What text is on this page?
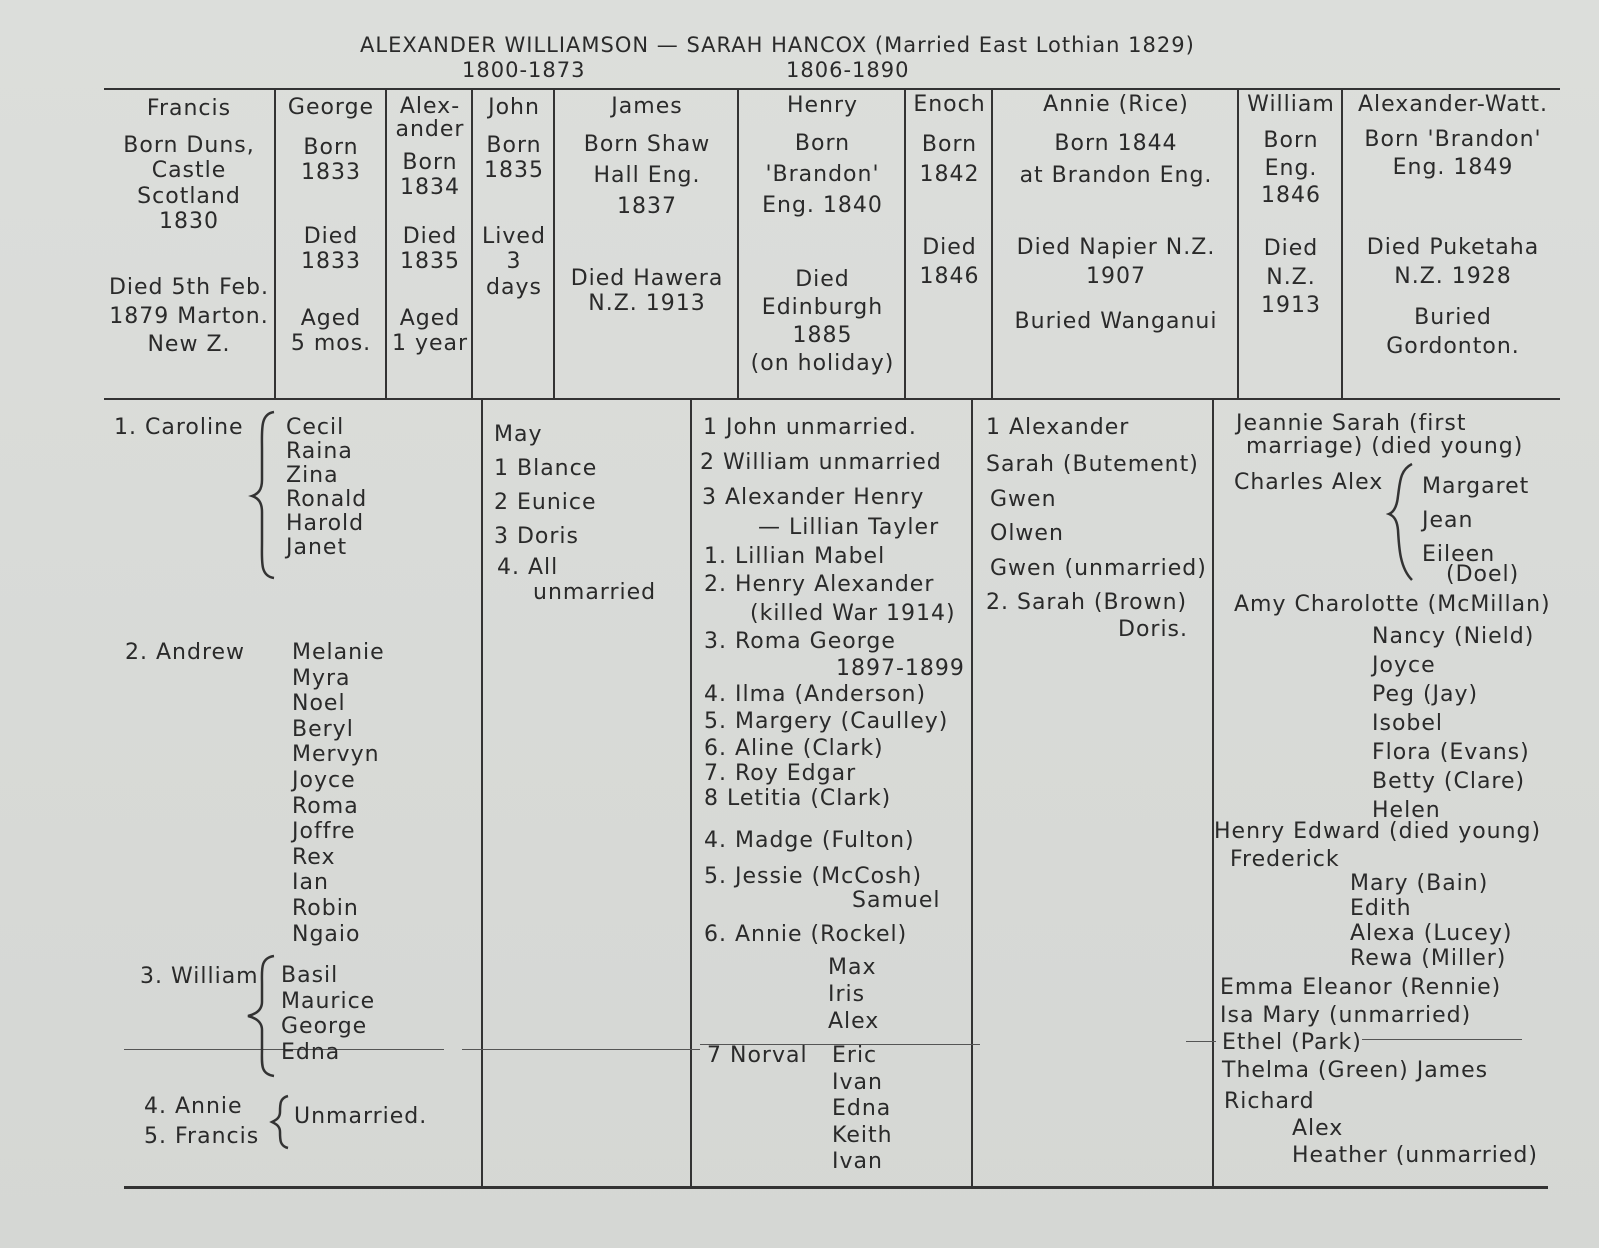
ALEXANDER WILLIAMSON — SARAH HANCOX (Married East Lothian 1829)
1800-1873	1806-1890
Francis
Born Duns,
Castle
Scotland
1830
Died 5th Feb.
1879 Marton.
New Z.
George
Born
1833
Died
1833
Aged
5 mos.
Alex-
ander
Born
1834
Died
1835
Aged
1 year
John
Born
1835
Lived
3
days
James
Born Shaw
Hall Eng.
1837
Died Hawera
N.Z. 1913
Henry
Born
'Brandon'
Eng. 1840
Died
Edinburgh
1885
(on holiday)
Enoch
Born
1842
Died
1846
Annie (Rice)
Born 1844
at Brandon Eng.
Died Napier N.Z.
1907
Buried Wanganui
William
Born
Eng.
1846
Died
N.Z.
1913
Alexander-Watt.
Born 'Brandon'
Eng. 1849
Died Puketaha
N.Z. 1928
Buried
Gordonton.
1. Caroline Cecil
Raina
Zina
Ronald
Harold
Janet
2. Andrew Melanie
Myra
Noel
Beryl
Mervyn
Joyce
Roma
Joffre
Rex
Ian
Robin
Ngaio
3. William Basil
Maurice
George
Edna
4. Annie
5. Francis
Unmarried.
May
1 Blance
2 Eunice
3 Doris
4. All
unmarried
1 John unmarried.
2 William unmarried
3 Alexander Henry
— Lillian Tayler
1. Lillian Mabel
2. Henry Alexander
(killed War 1914)
3. Roma George
1897-1899
4. Ilma (Anderson)
5. Margery (Caulley)
6. Aline (Clark)
7. Roy Edgar
8 Letitia (Clark)
4. Madge (Fulton)
5. Jessie (McCosh)
Samuel
6. Annie (Rockel)
Max
Iris
Alex
7 Norval Eric
Ivan
Edna
Keith
Ivan
1 Alexander
Sarah (Butement)
Gwen
Olwen
Gwen (unmarried)
2. Sarah (Brown)
Doris.
Jeannie Sarah (first
marriage) (died young)
Charles Alex Margaret
Jean
Eileen
(Doel)
Amy Charolotte (McMillan)
Nancy (Nield)
Joyce
Peg (Jay)
Isobel
Flora (Evans)
Betty (Clare)
Helen
Henry Edward (died young)
Frederick
Mary (Bain)
Edith
Alexa (Lucey)
Rewa (Miller)
Emma Eleanor (Rennie)
Isa Mary (unmarried)
Ethel (Park)
Thelma (Green) James
Richard
Alex
Heather (unmarried)
